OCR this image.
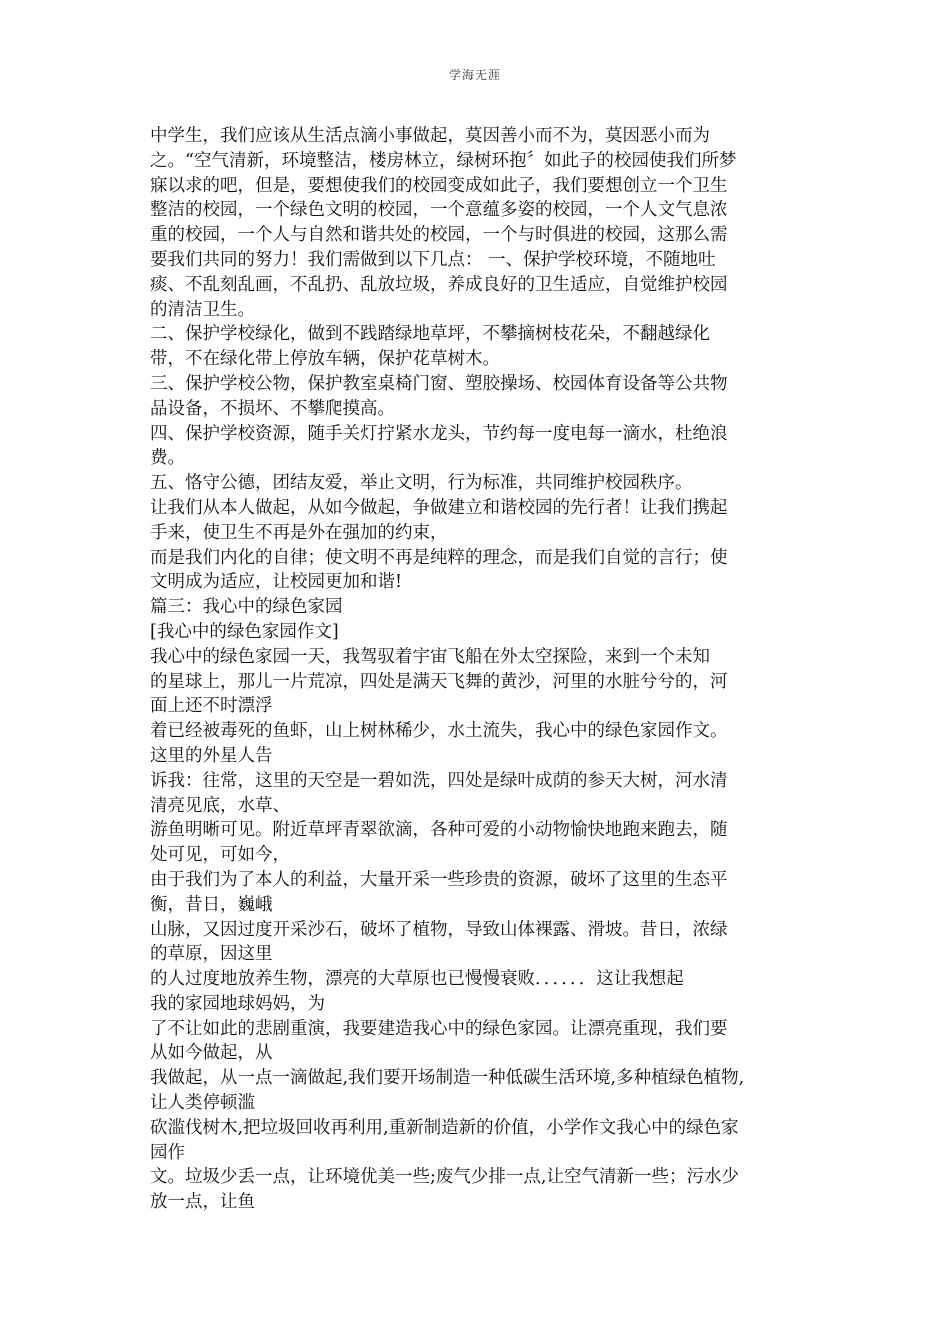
学海无涯
中学生，我们应该从生活点滴小事做起，莫因善小而不为，莫因恶小而为
之。“空气清新，环境整洁，楼房林立，绿树环抱〞如此子的校园使我们所梦
寐以求的吧，但是，要想使我们的校园变成如此子，我们要想创立一个卫生
整洁的校园，一个绿色文明的校园，一个意蕴多姿的校园，一个人文气息浓
重的校园，一个人与自然和谐共处的校园，一个与时俱进的校园，这那么需
要我们共同的努力！我们需做到以下几点： 一、保护学校环境，不随地吐
痰、不乱刻乱画，不乱扔、乱放垃圾，养成良好的卫生适应，自觉维护校园
的清洁卫生。
二、保护学校绿化，做到不践踏绿地草坪，不攀摘树枝花朵，不翻越绿化
带，不在绿化带上停放车辆，保护花草树木。
三、保护学校公物，保护教室桌椅门窗、塑胶操场、校园体育设备等公共物
品设备，不损坏、不攀爬摸高。
四、保护学校资源，随手关灯拧紧水龙头，节约每一度电每一滴水，杜绝浪
费。
五、恪守公德，团结友爱，举止文明，行为标准，共同维护校园秩序。
让我们从本人做起，从如今做起，争做建立和谐校园的先行者！让我们携起
手来，使卫生不再是外在强加的约束，
而是我们内化的自律；使文明不再是纯粹的理念，而是我们自觉的言行；使
文明成为适应，让校园更加和谐!
篇三：我心中的绿色家园
[我心中的绿色家园作文]
我心中的绿色家园一天，我驾驭着宇宙飞船在外太空探险，来到一个未知
的星球上，那儿一片荒凉，四处是满天飞舞的黄沙，河里的水脏兮兮的，河
面上还不时漂浮
着已经被毒死的鱼虾，山上树林稀少，水土流失，我心中的绿色家园作文。
这里的外星人告
诉我：往常，这里的天空是一碧如洗，四处是绿叶成荫的参天大树，河水清
清亮见底，水草、
游鱼明晰可见。附近草坪青翠欲滴，各种可爱的小动物愉快地跑来跑去，随
处可见，可如今，
由于我们为了本人的利益，大量开采一些珍贵的资源，破坏了这里的生态平
衡，昔日，巍峨
山脉，又因过度开采沙石，破坏了植物，导致山体裸露、滑坡。昔日，浓绿
的草原，因这里
的人过度地放养生物，漂亮的大草原也已慢慢衰败．．．．．．这让我想起
我的家园地球妈妈，为
了不让如此的悲剧重演，我要建造我心中的绿色家园。让漂亮重现，我们要
从如今做起，从
我做起，从一点一滴做起,我们要开场制造一种低碳生活环境,多种植绿色植物,
让人类停顿滥
砍滥伐树木,把垃圾回收再利用,重新制造新的价值，小学作文我心中的绿色家
园作
文。垃圾少丢一点，让环境优美一些;废气少排一点,让空气清新一些；污水少
放一点，让鱼
